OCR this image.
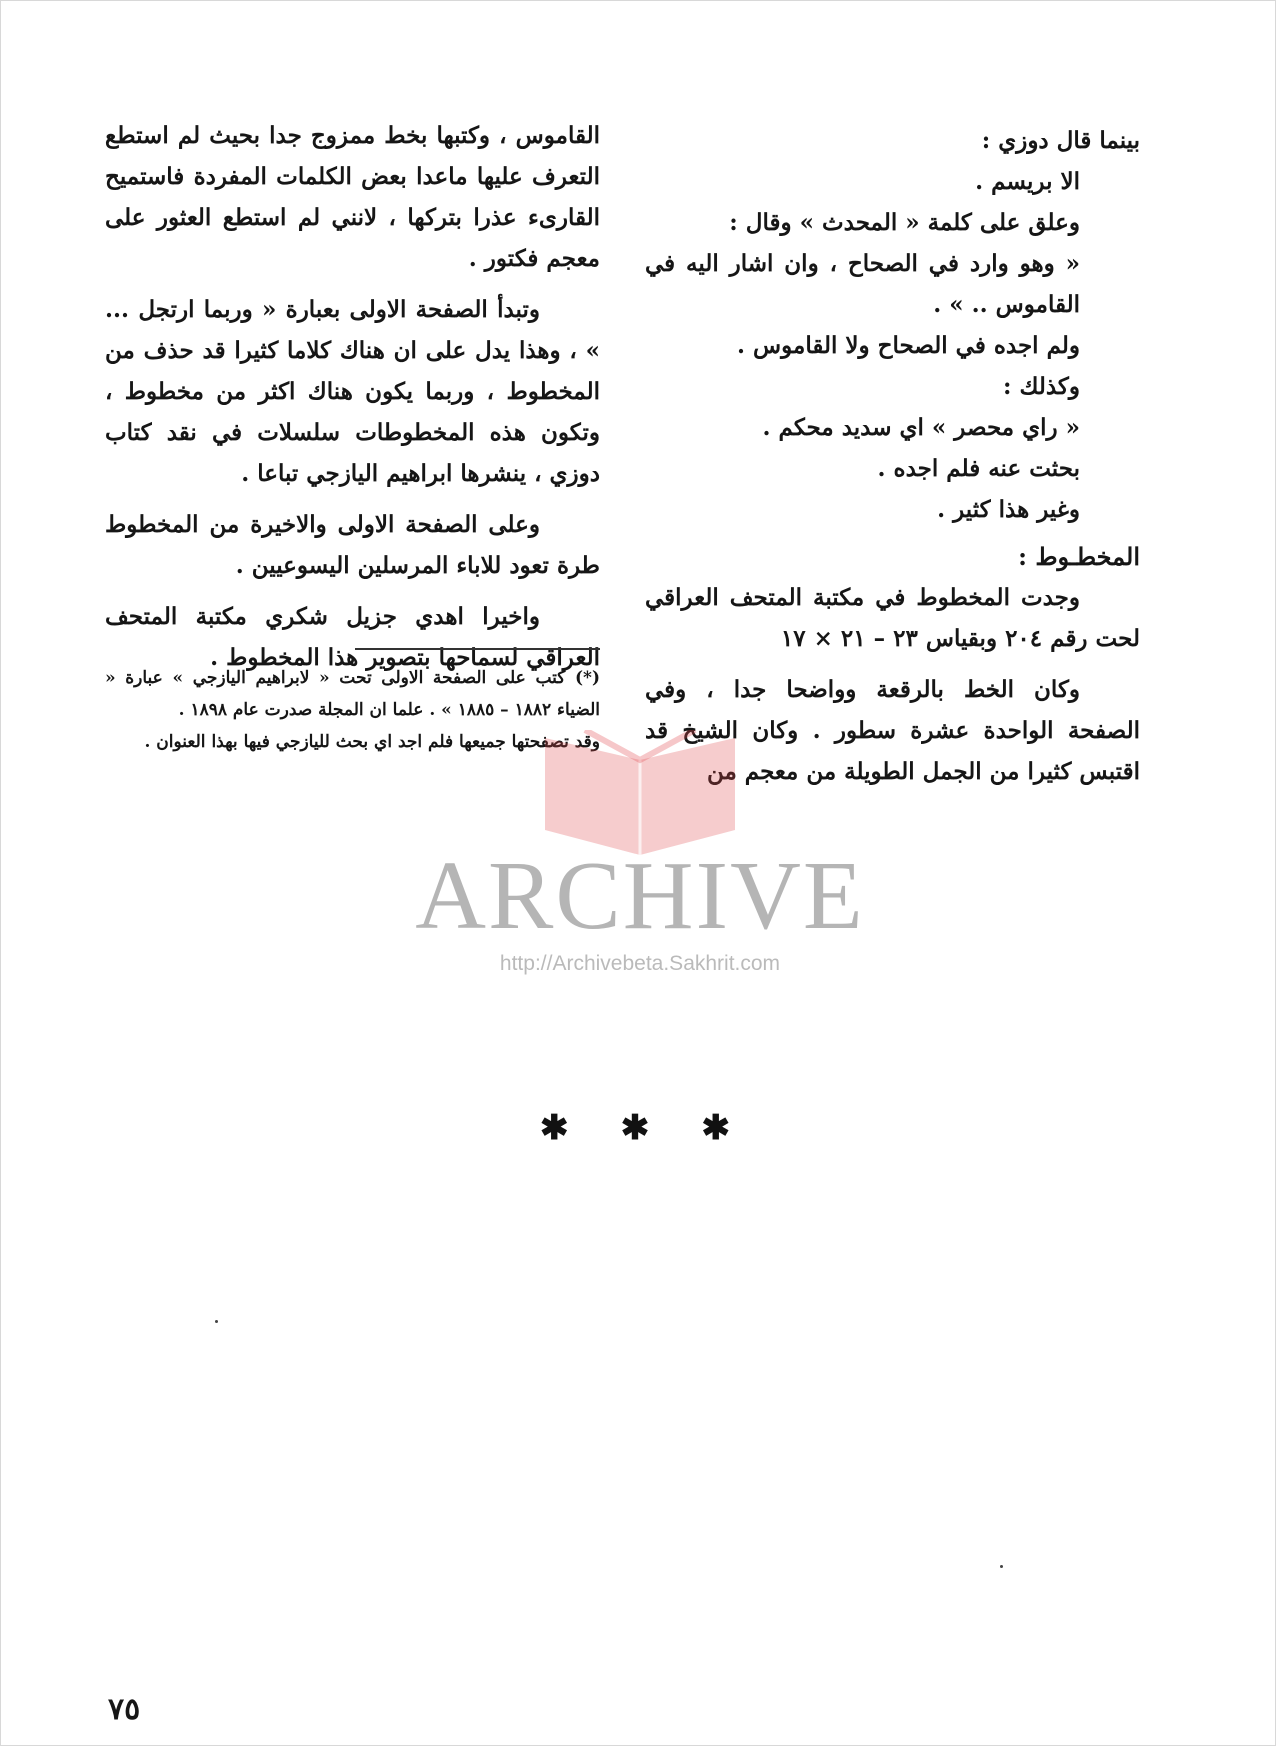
بينما قال دوزي :

الا بريسم .

وعلق على كلمة « المحدث » وقال :

« وهو وارد في الصحاح ، وان اشار اليه في القاموس .. » .

ولم اجده في الصحاح ولا القاموس .

وكذلك :

« راي محصر » اي سديد محكم .

بحثت عنه فلم اجده .

وغير هذا كثير .

المخطـوط :

وجدت المخطوط في مكتبة المتحف العراقي لحت رقم ٢٠٤ وبقياس ٢٣ – ٢١ × ١٧

وكان الخط بالرقعة وواضحا جدا ، وفي الصفحة الواحدة عشرة سطور . وكان الشيخ قد اقتبس كثيرا من الجمل الطويلة من معجم من

القاموس ، وكتبها بخط ممزوج جدا بحيث لم استطع التعرف عليها ماعدا بعض الكلمات المفردة فاستميح القارىء عذرا بتركها ، لانني لم استطع العثور على معجم فكتور .

وتبدأ الصفحة الاولى بعبارة « وربما ارتجل ... » ، وهذا يدل على ان هناك كلاما كثيرا قد حذف من المخطوط ، وربما يكون هناك اكثر من مخطوط ، وتكون هذه المخطوطات سلسلات في نقد كتاب دوزي ، ينشرها ابراهيم اليازجي تباعا .

وعلى الصفحة الاولى والاخيرة من المخطوط طرة تعود للاباء المرسلين اليسوعيين .

واخيرا اهدي جزيل شكري مكتبة المتحف العراقي لسماحها بتصوير هذا المخطوط .

(*) كتب على الصفحة الاولى تحت « لابراهيم اليازجي » عبارة « الضياء ١٨٨٢ – ١٨٨٥ » . علما ان المجلة صدرت عام ١٨٩٨ .

وقد تصفحتها جميعها فلم اجد اي بحث لليازجي فيها بهذا العنوان .

ARCHIVE
http://Archivebeta.Sakhrit.com
✱ ✱ ✱
٧٥
